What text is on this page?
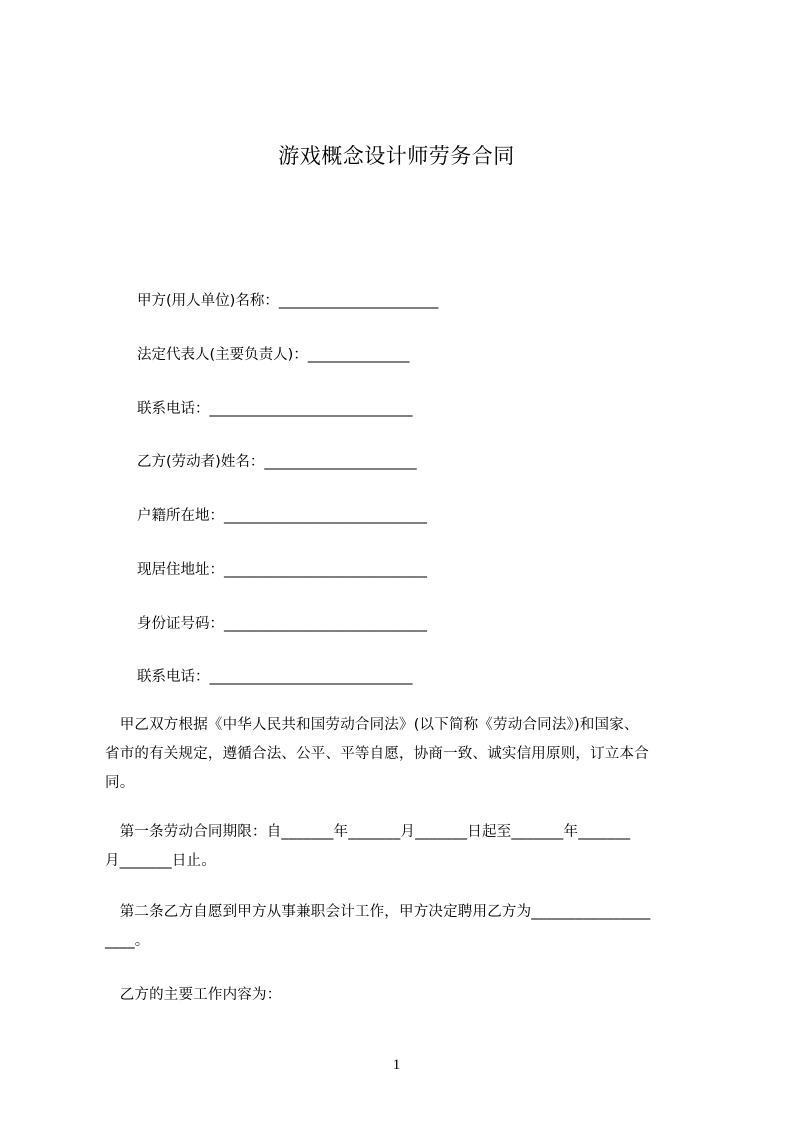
游戏概念设计师劳务合同
甲方(用人单位)名称：______________________
法定代表人(主要负责人)：______________
联系电话：____________________________
乙方(劳动者)姓名：_____________________
户籍所在地：____________________________
现居住地址：____________________________
身份证号码：____________________________
联系电话：____________________________

　甲乙双方根据《中华人民共和国劳动合同法》(以下简称《劳动合同法》)和国家、

省市的有关规定，遵循合法、公平、平等自愿，协商一致、诚实信用原则，订立本合

同。

　第一条劳动合同期限：自_______年_______月_______日起至_______年_______

月_______日止。

　第二条乙方自愿到甲方从事兼职会计工作，甲方决定聘用乙方为________________

____。

　乙方的主要工作内容为：

1
